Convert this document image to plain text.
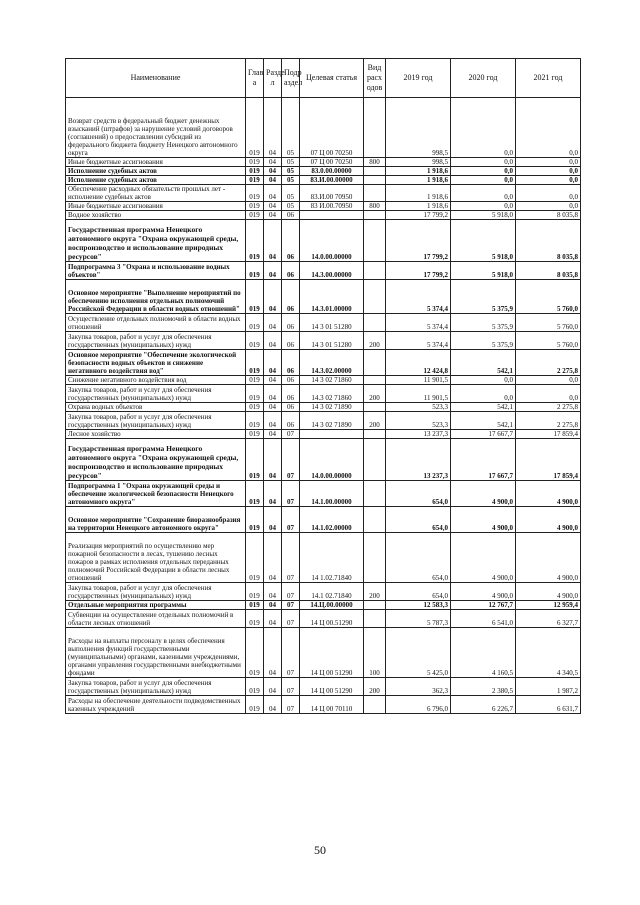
Наименование	Глав а	Разде л	Подр аздел	Целевая статья	Вид расх одов	2019 год	2020 год	2021 год
Возврат средств в федеральный бюджет денежных взысканий (штрафов) за нарушение условий договоров (соглашений) о предоставлении субсидий из федерального бюджета бюджету Ненецкого автономного округа	019	04	05	07 Ц 00 70250		998,5	0,0	0,0
Иные бюджетные ассигнования	019	04	05	07 Ц 00 70250	800	998,5	0,0	0,0
Исполнение судебных актов	019	04	05	83.0.00.00000		1 918,6	0,0	0,0
Исполнение судебных актов	019	04	05	83.И.00.00000		1 918,6	0,0	0,0
Обеспечение расходных обязательств прошлых лет - исполнение судебных актов	019	04	05	83.И.00 70950		1 918,6	0,0	0,0
Иные бюджетные ассигнования	019	04	05	83 И.00.70950	800	1 918,6	0,0	0,0
Водное хозяйство	019	04	06			17 799,2	5 918,0	8 035,8
Государственная программа Ненецкого автономного округа "Охрана окружающей среды, воспроизводство и использование природных ресурсов"	019	04	06	14.0.00.00000		17 799,2	5 918,0	8 035,8
Подпрограмма 3 "Охрана и использование водных объектов"	019	04	06	14.3.00.00000		17 799,2	5 918,0	8 035,8
Основное мероприятие "Выполнение мероприятий по обеспечению исполнения отдельных полномочий Российской Федерации в области водных отношений"	019	04	06	14.3.01.00000		5 374,4	5 375,9	5 760,0
Осуществление отдельных полномочий в области водных отношений	019	04	06	14 3 01 51280		5 374,4	5 375,9	5 760,0
Закупка товаров, работ и услуг для обеспечения государственных (муниципальных) нужд	019	04	06	14 3 01 51280	200	5 374,4	5 375,9	5 760,0
Основное мероприятие "Обеспечение экологической безопасности водных объектов и снижение негативного воздействия вод"	019	04	06	14.3.02.00000		12 424,8	542,1	2 275,8
Снижение негативного воздействия вод	019	04	06	14 3 02 71860		11 901,5	0,0	0,0
Закупка товаров, работ и услуг для обеспечения государственных (муниципальных) нужд	019	04	06	14.3 02 71860	200	11 901,5	0,0	0,0
Охрана водных объектов	019	04	06	14 3 02 71890		523,3	542,1	2 275,8
Закупка товаров, работ и услуг для обеспечения государственных (муниципальных) нужд	019	04	06	14 3 02 71890	200	523,3	542,1	2 275,8
Лесное хозяйство	019	04	07			13 237,3	17 667,7	17 859,4
Государственная программа Ненецкого автономного округа "Охрана окружающей среды, воспроизводство и использование природных ресурсов"	019	04	07	14.0.00.00000		13 237,3	17 667,7	17 859,4
Подпрограмма 1 "Охрана окружающей среды и обеспечение экологической безопасности Ненецкого автономного округа"	019	04	07	14.1.00.00000		654,0	4 900,0	4 900,0
Основное мероприятие "Сохранение биоразнообразия на территории Ненецкого автономного округа"	019	04	07	14.1.02.00000		654,0	4 900,0	4 900,0
Реализация мероприятий по осуществлению мер пожарной безопасности в лесах, тушению лесных пожаров в рамках исполнения отдельных переданных полномочий Российской Федерации в области лесных отношений	019	04	07	14 1.02.71840		654,0	4 900,0	4 900,0
Закупка товаров, работ и услуг для обеспечения государственных (муниципальных) нужд	019	04	07	14.1 02.71840	200	654,0	4 900,0	4 900,0
Отдельные мероприятия программы	019	04	07	14.Ц.00.00000		12 583,3	12 767,7	12 959,4
Субвенции на осуществление отдельных полномочий в области лесных отношений	019	04	07	14 Ц 00.51290		5 787,3	6 541,0	6 327,7
Расходы на выплаты персоналу в целях обеспечения выполнения функций государственными (муниципальными) органами, казенными учреждениями, органами управления государственными внебюджетными фондами	019	04	07	14 Ц 00 51290	100	5 425,0	4 160,5	4 340,5
Закупка товаров, работ и услуг для обеспечения государственных (муниципальных) нужд	019	04	07	14 Ц 00 51290	200	362,3	2 380,5	1 987,2
Расходы на обеспечение деятельности подведомственных казенных учреждений	019	04	07	14 Ц 00 70110		6 796,0	6 226,7	6 631,7
50
